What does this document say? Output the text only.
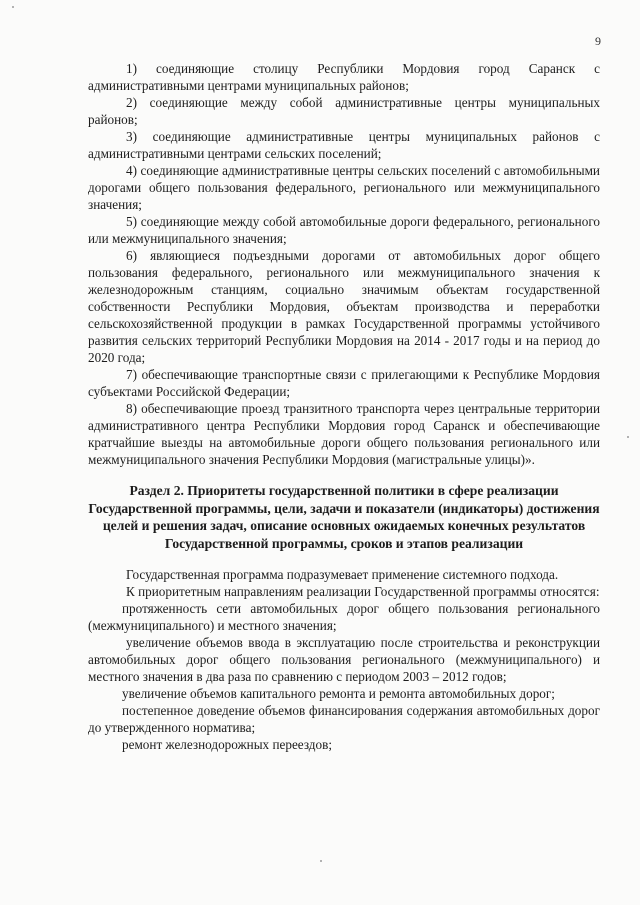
9

1) соединяющие столицу Республики Мордовия город Саранск с административными центрами муниципальных районов;

2) соединяющие между собой административные центры муниципальных районов;

3) соединяющие административные центры муниципальных районов с административными центрами сельских поселений;

4) соединяющие административные центры сельских поселений с автомобильными дорогами общего пользования федерального, регионального или межмуниципального значения;

5) соединяющие между собой автомобильные дороги федерального, регионального или межмуниципального значения;

6) являющиеся подъездными дорогами от автомобильных дорог общего пользования федерального, регионального или межмуниципального значения к железнодорожным станциям, социально значимым объектам государственной собственности Республики Мордовия, объектам производства и переработки сельскохозяйственной продукции в рамках Государственной программы устойчивого развития сельских территорий Республики Мордовия на 2014 - 2017 годы и на период до 2020 года;

7) обеспечивающие транспортные связи с прилегающими к Республике Мордовия субъектами Российской Федерации;

8) обеспечивающие проезд транзитного транспорта через центральные территории административного центра Республики Мордовия город Саранск и обеспечивающие кратчайшие выезды на автомобильные дороги общего пользования регионального или межмуниципального значения Республики Мордовия (магистральные улицы)».

Раздел 2. Приоритеты государственной политики в сфере реализации Государственной программы, цели, задачи и показатели (индикаторы) достижения целей и решения задач, описание основных ожидаемых конечных результатов Государственной программы, сроков и этапов реализации

Государственная программа подразумевает применение системного подхода.

К приоритетным направлениям реализации Государственной программы относятся:

протяженность сети автомобильных дорог общего пользования регионального (межмуниципального) и местного значения;

увеличение объемов ввода в эксплуатацию после строительства и реконструкции автомобильных дорог общего пользования регионального (межмуниципального) и местного значения в два раза по сравнению с периодом 2003 – 2012 годов;

увеличение объемов капитального ремонта и ремонта автомобильных дорог;

постепенное доведение объемов финансирования содержания автомобильных дорог до утвержденного норматива;

ремонт железнодорожных переездов;
